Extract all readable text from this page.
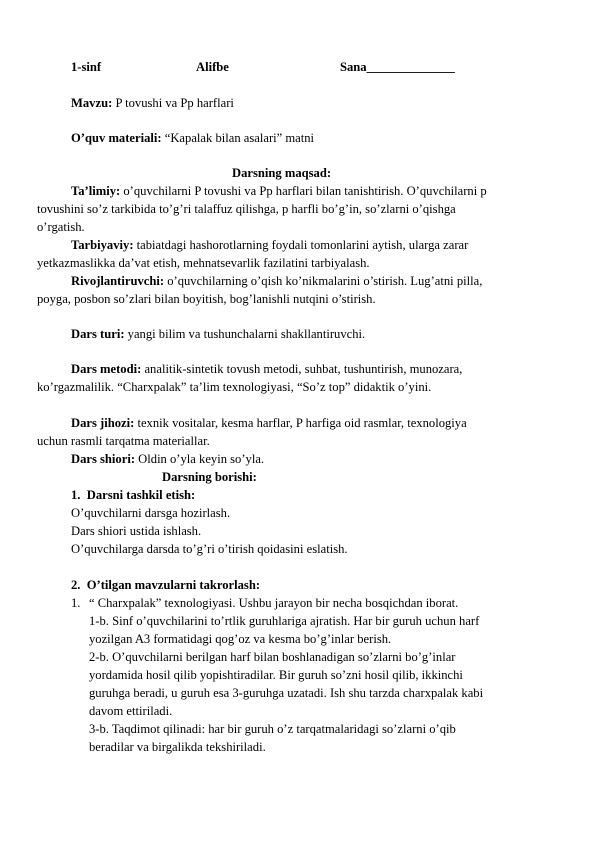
1-sinf	Alifbe	Sana______________
Mavzu: P tovushi va Pp harflari
O’quv materiali: “Kapalak bilan asalari” matni
Darsning maqsad:
Ta’limiy: o’quvchilarni P tovushi va Pp harflari bilan tanishtirish. O’quvchilarni p
tovushini so’z tarkibida to’g’ri talaffuz qilishga, p harfli bo’g’in, so’zlarni o’qishga
o’rgatish.
Tarbiyaviy: tabiatdagi hashorotlarning foydali tomonlarini aytish, ularga zarar
yetkazmaslikka da’vat etish, mehnatsevarlik fazilatini tarbiyalash.
Rivojlantiruvchi: o’quvchilarning o’qish ko’nikmalarini o’stirish. Lug’atni pilla,
poyga, posbon so’zlari bilan boyitish, bog’lanishli nutqini o’stirish.
Dars turi: yangi bilim va tushunchalarni shakllantiruvchi.
Dars metodi: analitik-sintetik tovush metodi, suhbat, tushuntirish, munozara,
ko’rgazmalilik. “Charxpalak” ta’lim texnologiyasi, “So’z top” didaktik o’yini.
Dars jihozi: texnik vositalar, kesma harflar, P harfiga oid rasmlar, texnologiya
uchun rasmli tarqatma materiallar.
Dars shiori: Oldin o’yla keyin so’yla.
Darsning borishi:
1. Darsni tashkil etish:
O’quvchilarni darsga hozirlash.
Dars shiori ustida ishlash.
O’quvchilarga darsda to’g’ri o’tirish qoidasini eslatish.
2. O’tilgan mavzularni takrorlash:
1. “ Charxpalak” texnologiyasi. Ushbu jarayon bir necha bosqichdan iborat.
1-b. Sinf o’quvchilarini to’rtlik guruhlariga ajratish. Har bir guruh uchun harf
yozilgan A3 formatidagi qog’oz va kesma bo’g’inlar berish.
2-b. O’quvchilarni berilgan harf bilan boshlanadigan so’zlarni bo’g’inlar
yordamida hosil qilib yopishtiradilar. Bir guruh so’zni hosil qilib, ikkinchi
guruhga beradi, u guruh esa 3-guruhga uzatadi. Ish shu tarzda charxpalak kabi
davom ettiriladi.
3-b. Taqdimot qilinadi: har bir guruh o’z tarqatmalaridagi so’zlarni o’qib
beradilar va birgalikda tekshiriladi.
